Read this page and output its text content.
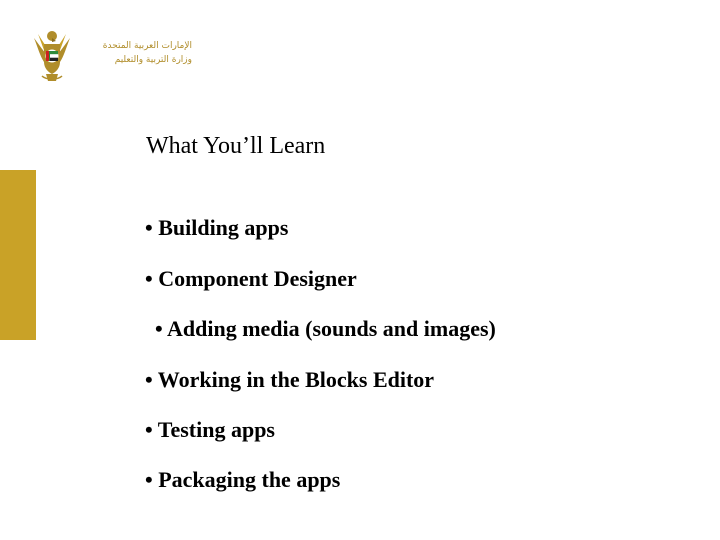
الإمارات العربية المتحدة
وزارة التربية والتعليم
What You’ll Learn
• Building apps
• Component Designer
• Adding media (sounds and images)
• Working in the Blocks Editor
• Testing apps
• Packaging the apps
